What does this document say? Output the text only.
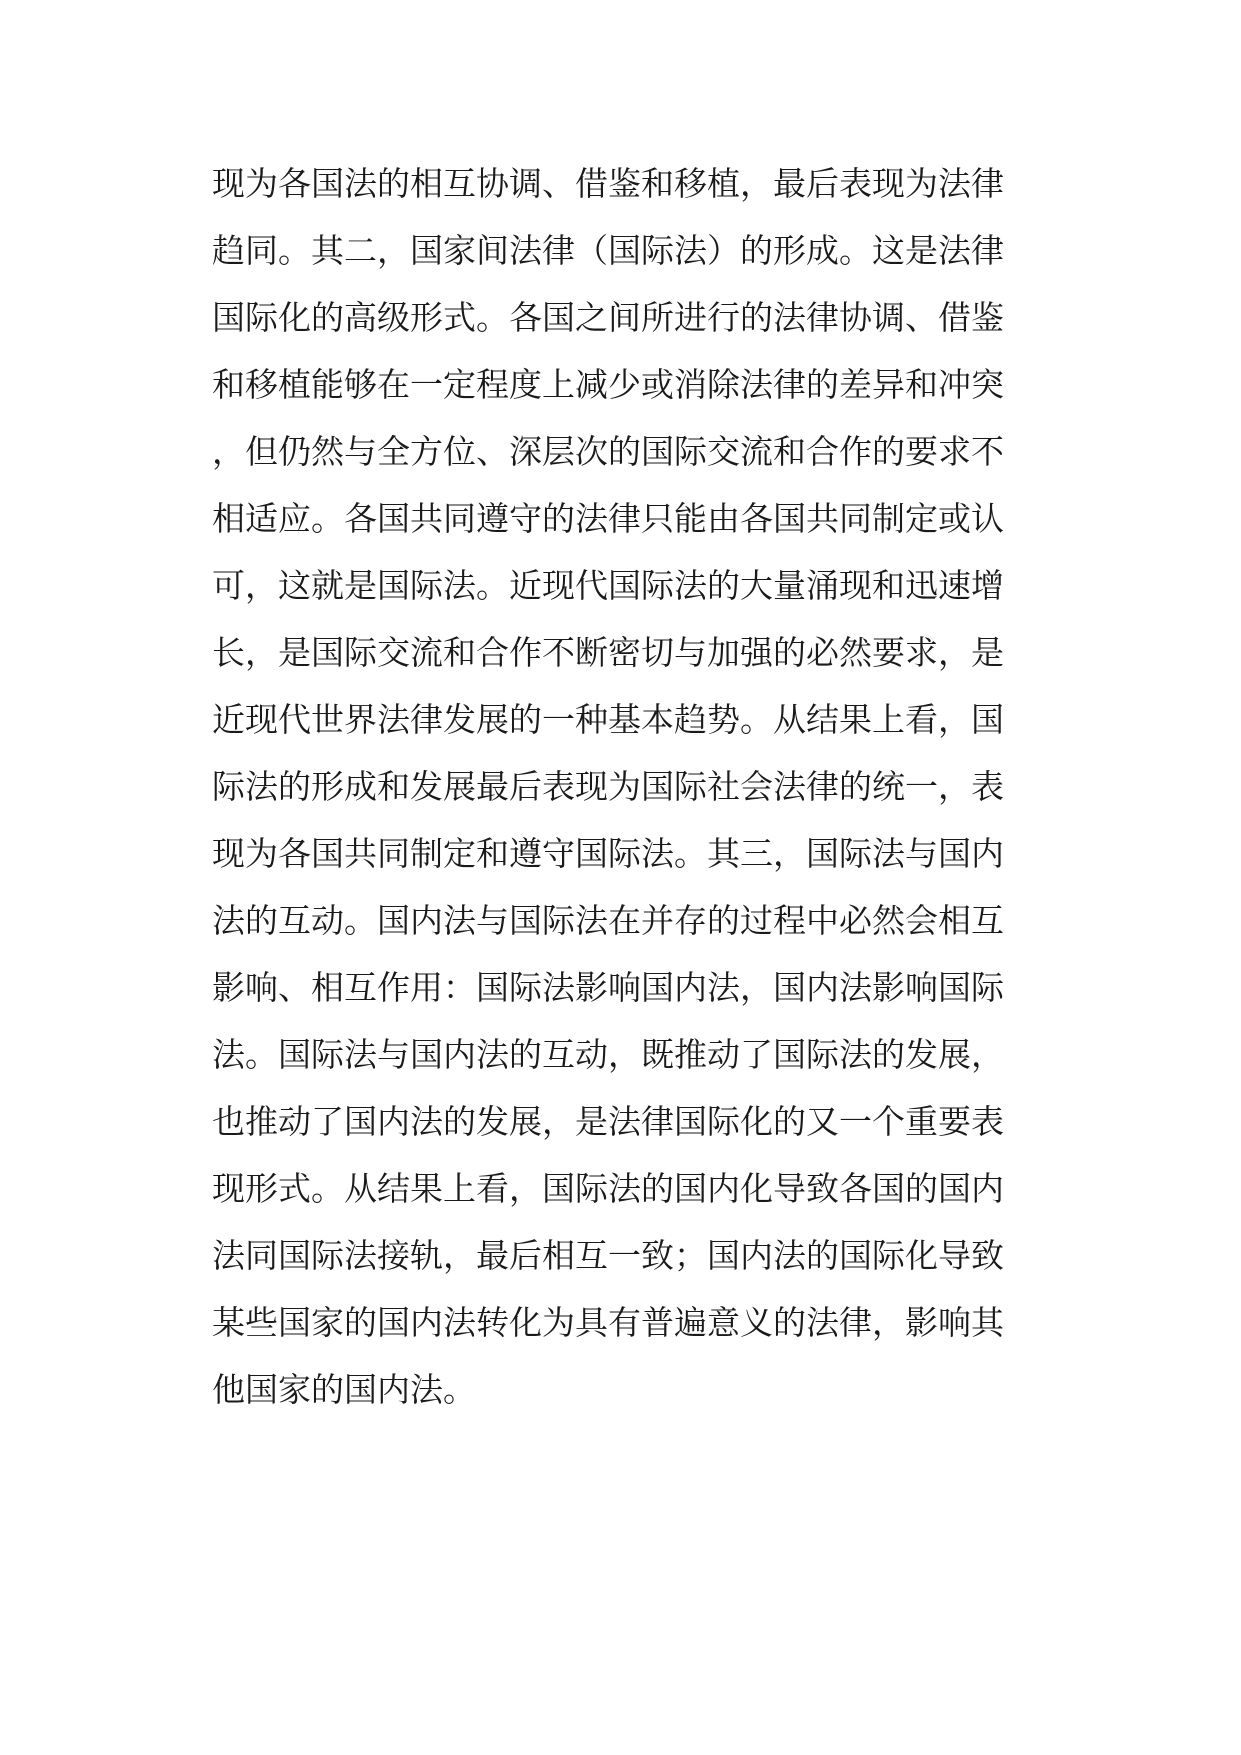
现为各国法的相互协调、借鉴和移植，最后表现为法律
趋同。其二，国家间法律（国际法）的形成。这是法律
国际化的高级形式。各国之间所进行的法律协调、借鉴
和移植能够在一定程度上减少或消除法律的差异和冲突
，但仍然与全方位、深层次的国际交流和合作的要求不
相适应。各国共同遵守的法律只能由各国共同制定或认
可，这就是国际法。近现代国际法的大量涌现和迅速增
长，是国际交流和合作不断密切与加强的必然要求，是
近现代世界法律发展的一种基本趋势。从结果上看，国
际法的形成和发展最后表现为国际社会法律的统一，表
现为各国共同制定和遵守国际法。其三，国际法与国内
法的互动。国内法与国际法在并存的过程中必然会相互
影响、相互作用：国际法影响国内法，国内法影响国际
法。国际法与国内法的互动，既推动了国际法的发展，
也推动了国内法的发展，是法律国际化的又一个重要表
现形式。从结果上看，国际法的国内化导致各国的国内
法同国际法接轨，最后相互一致；国内法的国际化导致
某些国家的国内法转化为具有普遍意义的法律，影响其
他国家的国内法。
